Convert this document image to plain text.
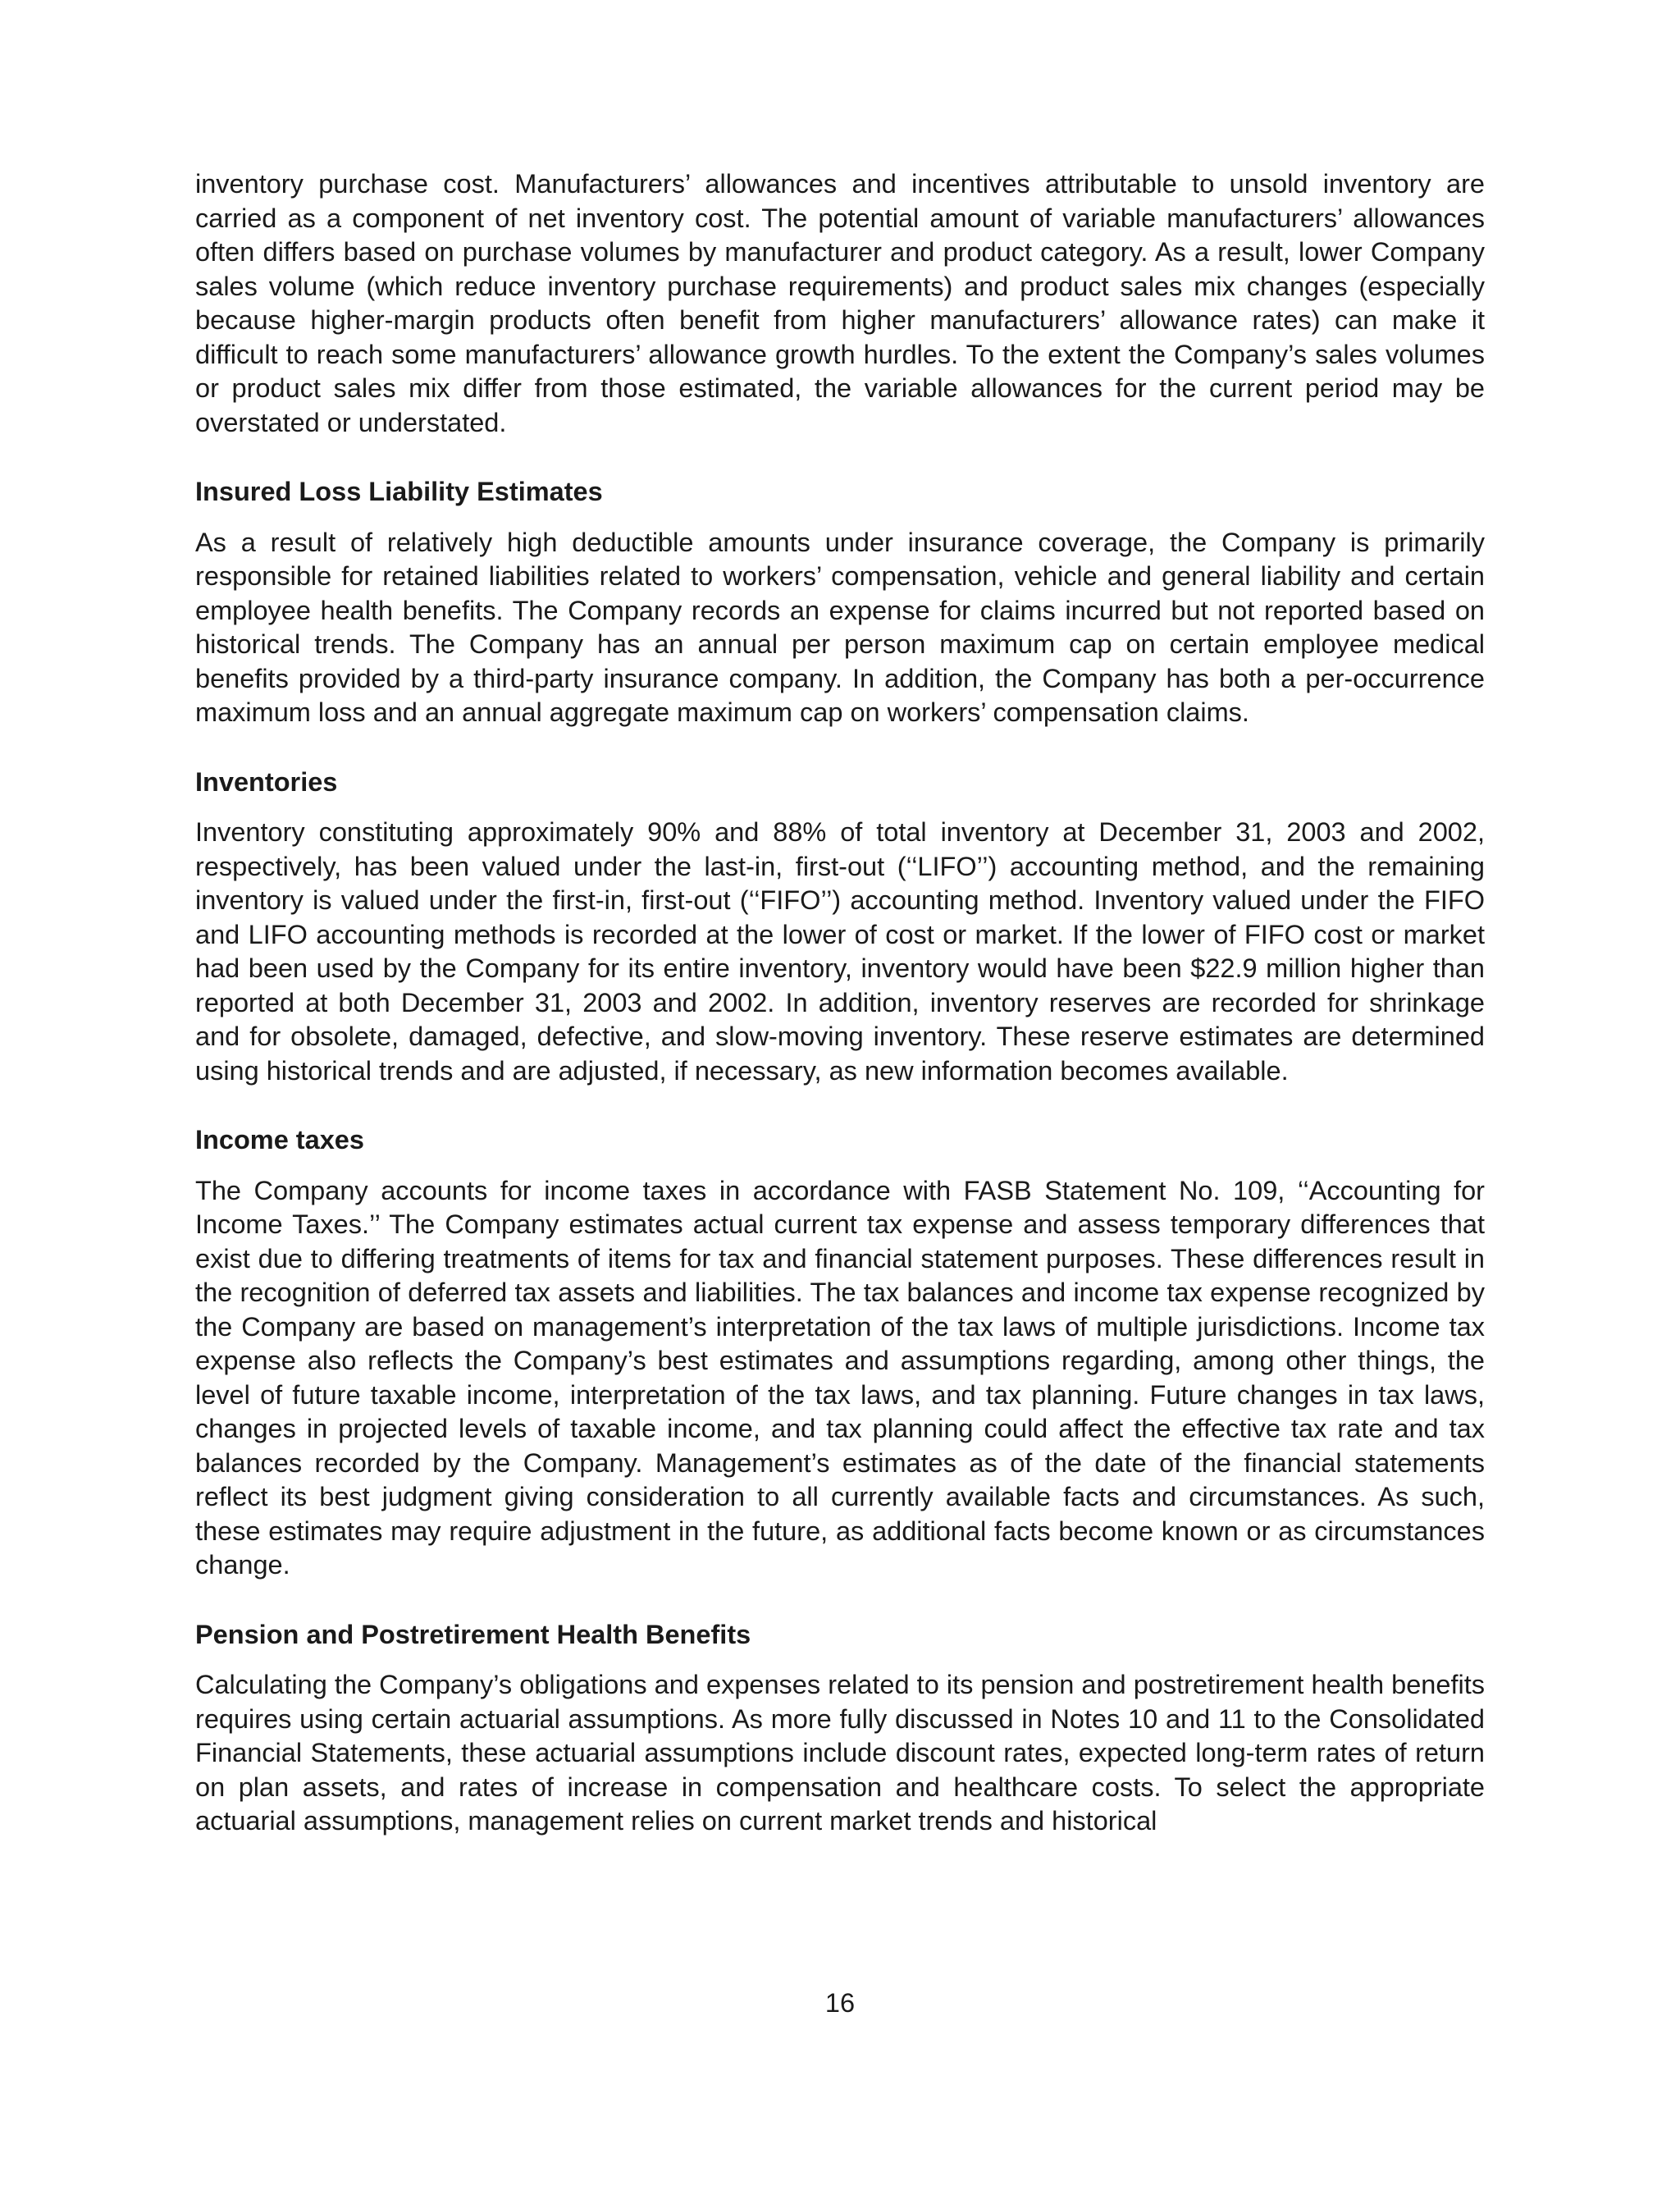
inventory purchase cost. Manufacturers’ allowances and incentives attributable to unsold inventory are carried as a component of net inventory cost. The potential amount of variable manufacturers’ allowances often differs based on purchase volumes by manufacturer and product category. As a result, lower Company sales volume (which reduce inventory purchase requirements) and product sales mix changes (especially because higher-margin products often benefit from higher manufacturers’ allowance rates) can make it difficult to reach some manufacturers’ allowance growth hurdles. To the extent the Company’s sales volumes or product sales mix differ from those estimated, the variable allowances for the current period may be overstated or understated.

Insured Loss Liability Estimates

As a result of relatively high deductible amounts under insurance coverage, the Company is primarily responsible for retained liabilities related to workers’ compensation, vehicle and general liability and certain employee health benefits. The Company records an expense for claims incurred but not reported based on historical trends. The Company has an annual per person maximum cap on certain employee medical benefits provided by a third-party insurance company. In addition, the Company has both a per-occurrence maximum loss and an annual aggregate maximum cap on workers’ compensation claims.

Inventories

Inventory constituting approximately 90% and 88% of total inventory at December 31, 2003 and 2002, respectively, has been valued under the last-in, first-out (‘‘LIFO’’) accounting method, and the remaining inventory is valued under the first-in, first-out (‘‘FIFO’’) accounting method. Inventory valued under the FIFO and LIFO accounting methods is recorded at the lower of cost or market. If the lower of FIFO cost or market had been used by the Company for its entire inventory, inventory would have been $22.9 million higher than reported at both December 31, 2003 and 2002. In addition, inventory reserves are recorded for shrinkage and for obsolete, damaged, defective, and slow-moving inventory. These reserve estimates are determined using historical trends and are adjusted, if necessary, as new information becomes available.

Income taxes

The Company accounts for income taxes in accordance with FASB Statement No. 109, ‘‘Accounting for Income Taxes.’’ The Company estimates actual current tax expense and assess temporary differences that exist due to differing treatments of items for tax and financial statement purposes. These differences result in the recognition of deferred tax assets and liabilities. The tax balances and income tax expense recognized by the Company are based on management’s interpretation of the tax laws of multiple jurisdictions. Income tax expense also reflects the Company’s best estimates and assumptions regarding, among other things, the level of future taxable income, interpretation of the tax laws, and tax planning. Future changes in tax laws, changes in projected levels of taxable income, and tax planning could affect the effective tax rate and tax balances recorded by the Company. Management’s estimates as of the date of the financial statements reflect its best judgment giving consideration to all currently available facts and circumstances. As such, these estimates may require adjustment in the future, as additional facts become known or as circumstances change.

Pension and Postretirement Health Benefits

Calculating the Company’s obligations and expenses related to its pension and postretirement health benefits requires using certain actuarial assumptions. As more fully discussed in Notes 10 and 11 to the Consolidated Financial Statements, these actuarial assumptions include discount rates, expected long-term rates of return on plan assets, and rates of increase in compensation and healthcare costs. To select the appropriate actuarial assumptions, management relies on current market trends and historical

16
